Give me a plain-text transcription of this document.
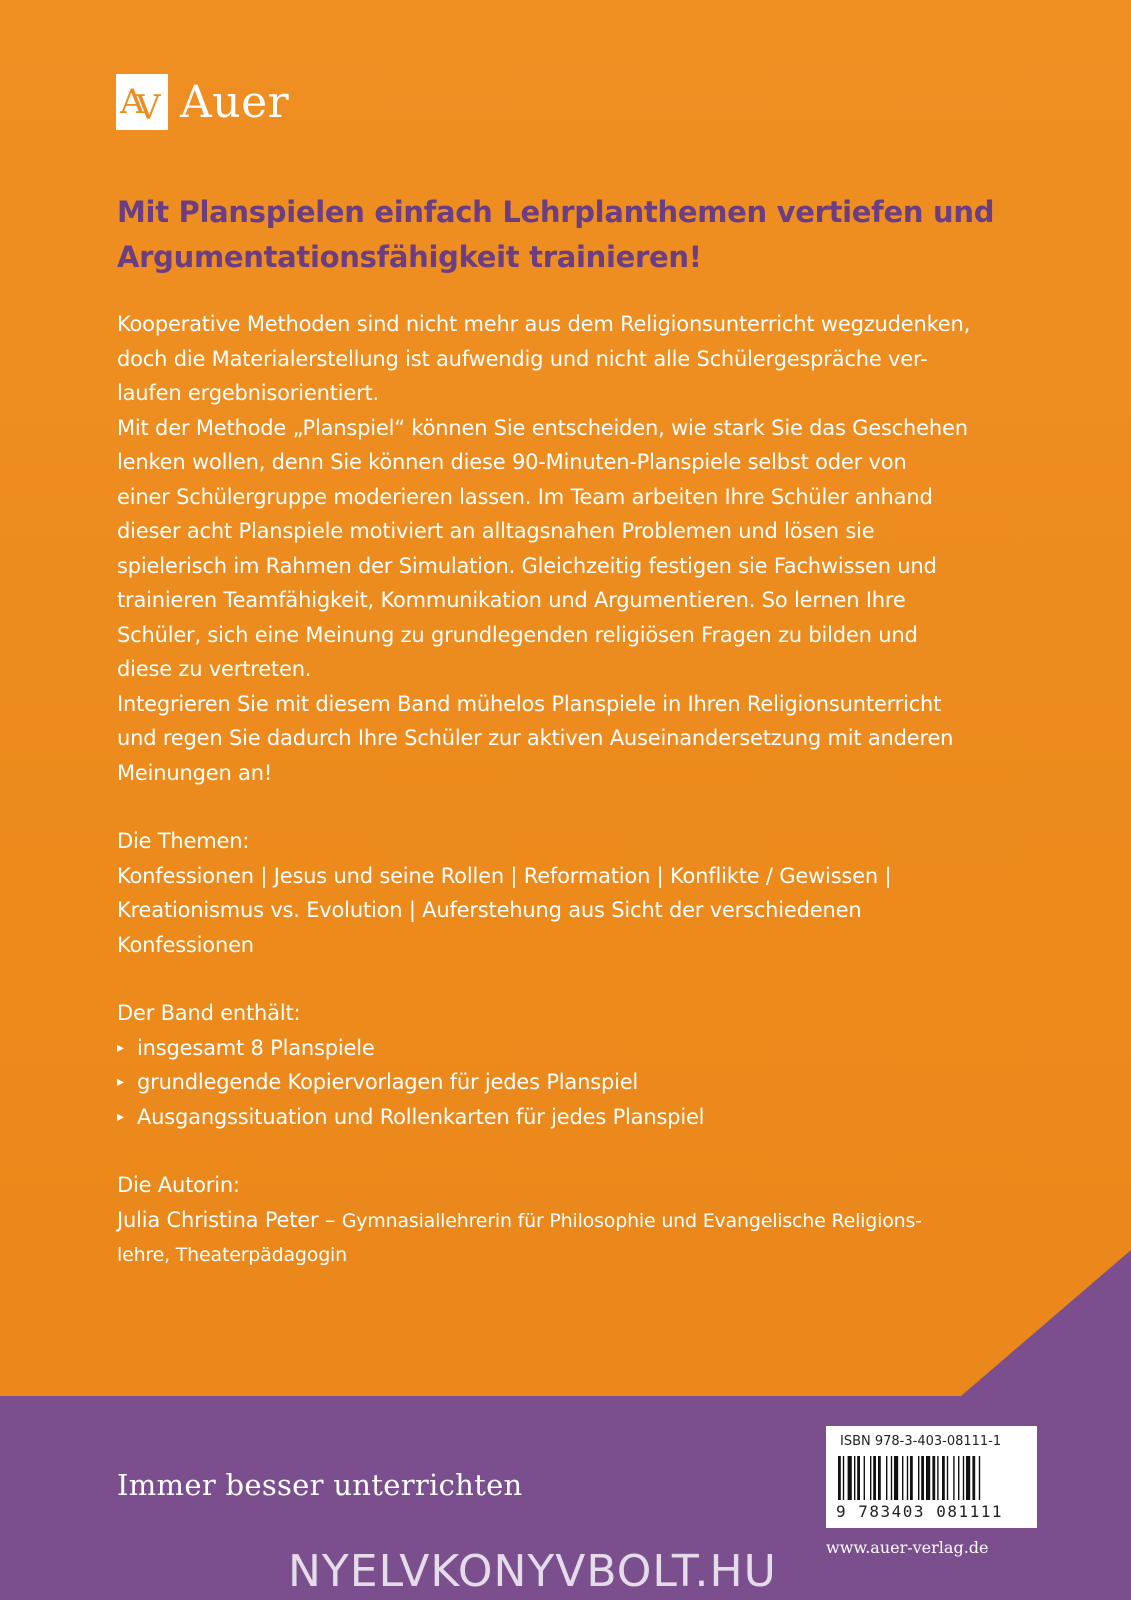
A
V Auer
Mit Planspielen einfach Lehrplanthemen vertiefen und
Argumentationsfähigkeit trainieren!
Kooperative Methoden sind nicht mehr aus dem Religionsunterricht wegzudenken,
doch die Materialerstellung ist aufwendig und nicht alle Schülergespräche ver-
laufen ergebnisorientiert.
Mit der Methode „Planspiel“ können Sie entscheiden, wie stark Sie das Geschehen
lenken wollen, denn Sie können diese 90-Minuten-Planspiele selbst oder von
einer Schülergruppe moderieren lassen. Im Team arbeiten Ihre Schüler anhand
dieser acht Planspiele motiviert an alltagsnahen Problemen und lösen sie
spielerisch im Rahmen der Simulation. Gleichzeitig festigen sie Fachwissen und
trainieren Teamfähigkeit, Kommunikation und Argumentieren. So lernen Ihre
Schüler, sich eine Meinung zu grundlegenden religiösen Fragen zu bilden und
diese zu vertreten.
Integrieren Sie mit diesem Band mühelos Planspiele in Ihren Religionsunterricht
und regen Sie dadurch Ihre Schüler zur aktiven Auseinandersetzung mit anderen
Meinungen an!
Die Themen:
Konfessionen | Jesus und seine Rollen | Reformation | Konflikte / Gewissen |
Kreationismus vs. Evolution | Auferstehung aus Sicht der verschiedenen
Konfessionen
Der Band enthält:
▸ insgesamt 8 Planspiele
▸ grundlegende Kopiervorlagen für jedes Planspiel
▸ Ausgangssituation und Rollenkarten für jedes Planspiel
Die Autorin:
Julia Christina Peter – Gymnasiallehrerin für Philosophie und Evangelische Religions-
lehre, Theaterpädagogin
Immer besser unterrichten
ISBN 978-3-403-08111-1
9 783403 081111
www.auer-verlag.de
NYELVKONYVBOLT.HU
